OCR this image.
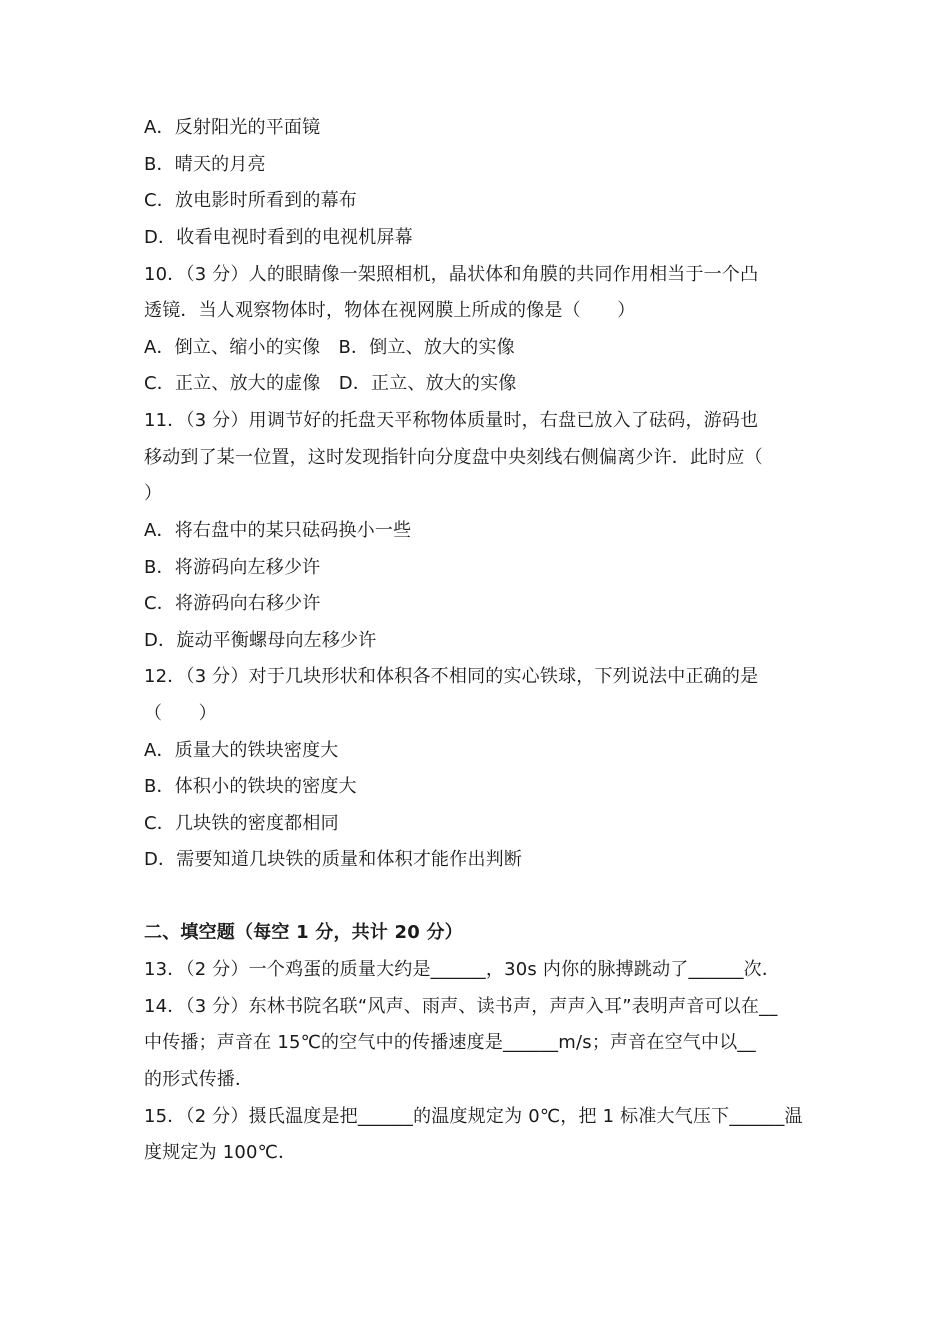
A．反射阳光的平面镜
B．晴天的月亮
C．放电影时所看到的幕布
D．收看电视时看到的电视机屏幕
10．（3 分）人的眼睛像一架照相机，晶状体和角膜的共同作用相当于一个凸
透镜．当人观察物体时，物体在视网膜上所成的像是（　　）
A．倒立、缩小的实像　B．倒立、放大的实像
C．正立、放大的虚像　D．正立、放大的实像
11．（3 分）用调节好的托盘天平称物体质量时，右盘已放入了砝码，游码也
移动到了某一位置，这时发现指针向分度盘中央刻线右侧偏离少许．此时应（
）
A．将右盘中的某只砝码换小一些
B．将游码向左移少许
C．将游码向右移少许
D．旋动平衡螺母向左移少许
12．（3 分）对于几块形状和体积各不相同的实心铁球，下列说法中正确的是
（　　）
A．质量大的铁块密度大
B．体积小的铁块的密度大
C．几块铁的密度都相同
D．需要知道几块铁的质量和体积才能作出判断
二、填空题（每空 1 分，共计 20 分）
13．（2 分）一个鸡蛋的质量大约是______，30s 内你的脉搏跳动了______次．
14．（3 分）东林书院名联“风声、雨声、读书声，声声入耳”表明声音可以在__
中传播；声音在 15℃的空气中的传播速度是______m/s；声音在空气中以__
的形式传播．
15．（2 分）摄氏温度是把______的温度规定为 0℃，把 1 标准大气压下______温
度规定为 100℃．
